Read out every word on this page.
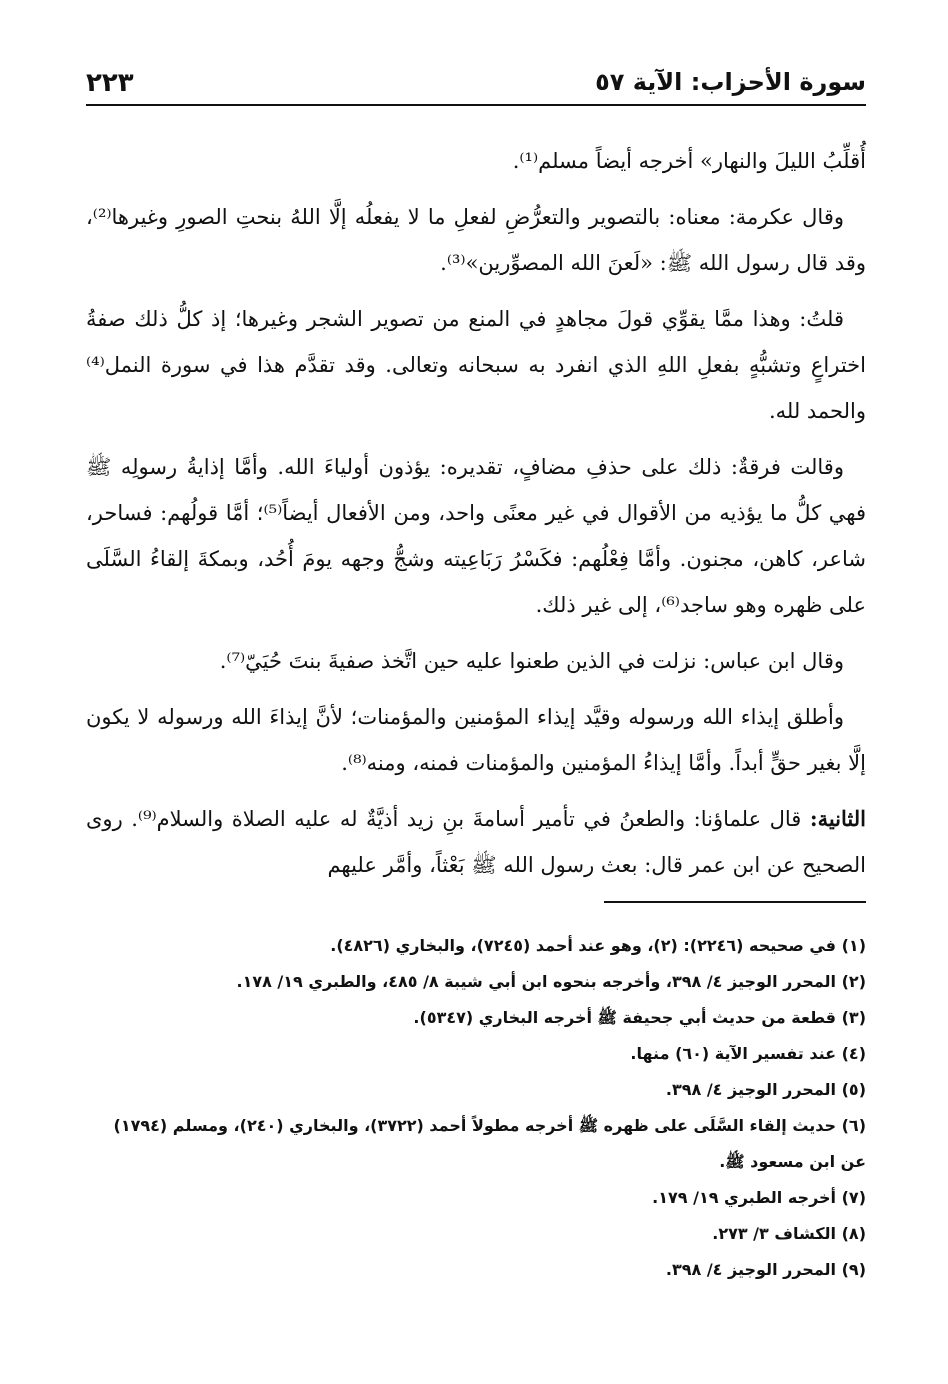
سورة الأحزاب: الآية ٥٧
٢٢٣

أُقلِّبُ الليلَ والنهار» أخرجه أيضاً مسلم⁽¹⁾.

وقال عكرمة: معناه: بالتصوير والتعرُّضِ لفعلِ ما لا يفعلُه إلَّا اللهُ بنحتِ الصورِ وغيرها⁽²⁾، وقد قال رسول الله ﷺ: «لَعنَ الله المصوِّرين»⁽³⁾.

قلتُ: وهذا ممَّا يقوِّي قولَ مجاهدٍ في المنع من تصوير الشجر وغيرها؛ إذ كلُّ ذلك صفةُ اختراعٍ وتشبُّهٍ بفعلِ اللهِ الذي انفرد به سبحانه وتعالى. وقد تقدَّم هذا في سورة النمل⁽⁴⁾ والحمد لله.

وقالت فرقةٌ: ذلك على حذفِ مضافٍ، تقديره: يؤذون أولياءَ الله. وأمَّا إذايةُ رسولِه ﷺ فهي كلُّ ما يؤذيه من الأقوال في غير معنًى واحد، ومن الأفعال أيضاً⁽⁵⁾؛ أمَّا قولُهم: فساحر، شاعر، كاهن، مجنون. وأمَّا فِعْلُهم: فكَسْرُ رَبَاعِيته وشجُّ وجهه يومَ أُحُد، وبمكةَ إلقاءُ السَّلَى على ظهره وهو ساجد⁽⁶⁾، إلى غير ذلك.

وقال ابن عباس: نزلت في الذين طعنوا عليه حين اتَّخذ صفيةَ بنتَ حُيَيّ⁽⁷⁾.

وأطلق إيذاء الله ورسوله وقيَّد إيذاء المؤمنين والمؤمنات؛ لأنَّ إيذاءَ الله ورسوله لا يكون إلَّا بغير حقٍّ أبداً. وأمَّا إيذاءُ المؤمنين والمؤمنات فمنه، ومنه⁽⁸⁾.

الثانية: قال علماؤنا: والطعنُ في تأمير أسامةَ بنِ زيد أذيَّةٌ له عليه الصلاة والسلام⁽⁹⁾. روى الصحيح عن ابن عمر قال: بعث رسول الله ﷺ بَعْثاً، وأمَّر عليهم

(١) في صحيحه (٢٢٤٦): (٢)، وهو عند أحمد (٧٢٤٥)، والبخاري (٤٨٢٦).

(٢) المحرر الوجيز ٤/ ٣٩٨، وأخرجه بنحوه ابن أبي شيبة ٨/ ٤٨٥، والطبري ١٩/ ١٧٨.

(٣) قطعة من حديث أبي جحيفة ﷺ أخرجه البخاري (٥٣٤٧).

(٤) عند تفسير الآية (٦٠) منها.

(٥) المحرر الوجيز ٤/ ٣٩٨.

(٦) حديث إلقاء السَّلَى على ظهره ﷺ أخرجه مطولاً أحمد (٣٧٢٢)، والبخاري (٢٤٠)، ومسلم (١٧٩٤) عن ابن مسعود ﷺ.

(٧) أخرجه الطبري ١٩/ ١٧٩.

(٨) الكشاف ٣/ ٢٧٣.

(٩) المحرر الوجيز ٤/ ٣٩٨.
